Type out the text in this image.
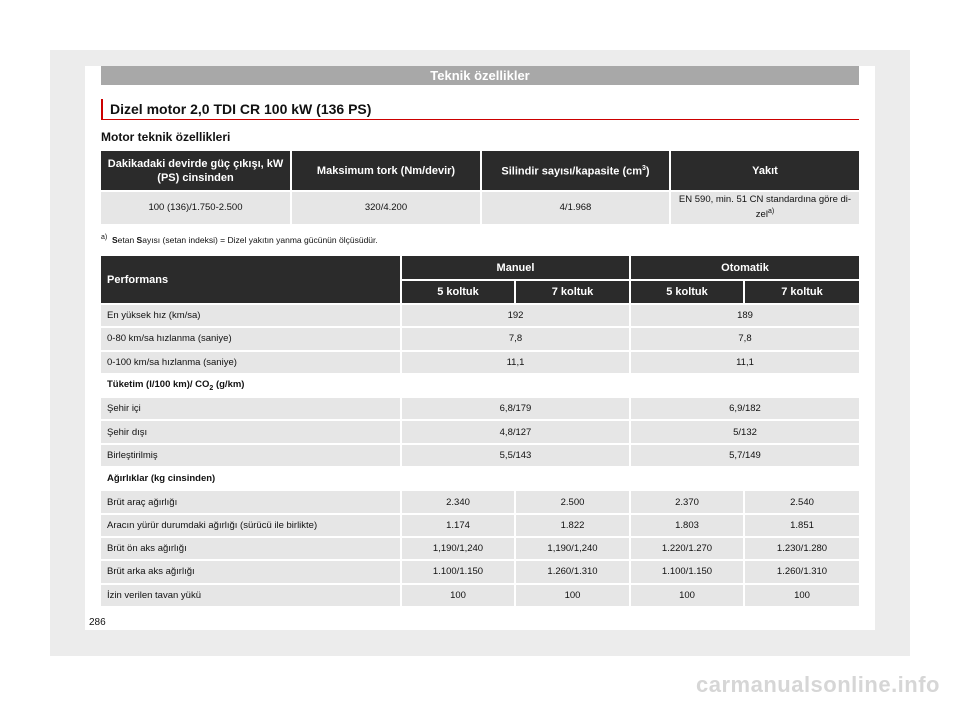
Teknik özellikler
Dizel motor 2,0 TDI CR 100 kW (136 PS)
Motor teknik özellikleri
Dakikadaki devirde güç çıkışı, kW (PS) cinsinden	Maksimum tork (Nm/devir)	Silindir sayısı/kapasite $(cm^3)$	Yakıt
100 (136)/1.750-2.500	320/4.200	4/1.968	EN 590, min. 51 CN standardına göre di-zel$^{a)}$
$^{a)}$ Setan Sayısı (setan indeksi) = Dizel yakıtın yanma gücünün ölçüsüdür.
Performans	Manuel		Otomatik	
	5 koltuk	7 koltuk	5 koltuk	7 koltuk
En yüksek hız (km/sa)	192		189	
0-80 km/sa hızlanma (saniye)	7,8		7,8	
0-100 km/sa hızlanma (saniye)	11,1		11,1	
Tüketim (l/100 km)/ $CO_2$ (g/km)				
Şehir içi	6,8/179		6,9/182	
Şehir dışı	4,8/127		5/132	
Birleştirilmiş	5,5/143		5,7/149	
Ağırlıklar (kg cinsinden)				
Brüt araç ağırlığı	2.340	2.500	2.370	2.540
Aracın yürür durumdaki ağırlığı (sürücü ile birlikte)	1.174	1.822	1.803	1.851
Brüt ön aks ağırlığı	1,190/1,240	1,190/1,240	1.220/1.270	1.230/1.280
Brüt arka aks ağırlığı	1.100/1.150	1.260/1.310	1.100/1.150	1.260/1.310
İzin verilen tavan yükü	100	100	100	100
286
carmanualsonline.info
